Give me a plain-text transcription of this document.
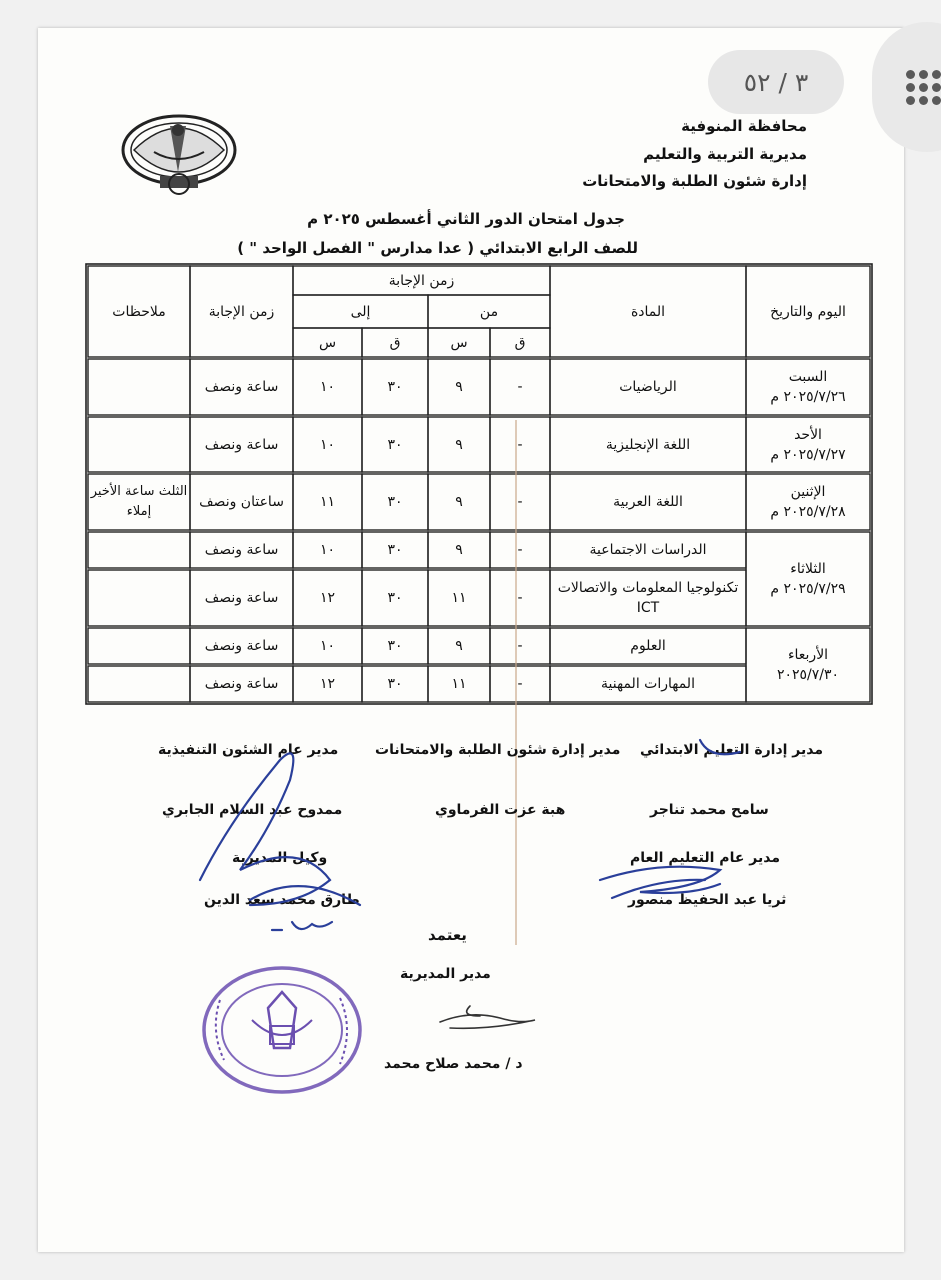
٣ / ٥٢
محافظة المنوفية
مديرية التربية والتعليم
إدارة شئون الطلبة والامتحانات
جدول امتحان الدور الثاني أغسطس ٢٠٢٥ م
للصف الرابع الابتدائي ( عدا مدارس " الفصل الواحد " )
اليوم والتاريخ
المادة
زمن الإجابة
من
إلى
ق
س
ق
س
زمن الإجابة
ملاحظات
السبت
٢٠٢٥/٧/٢٦ م
الأحد
٢٠٢٥/٧/٢٧ م
الإثنين
٢٠٢٥/٧/٢٨ م
الثلاثاء
٢٠٢٥/٧/٢٩ م
الأربعاء
٢٠٢٥/٧/٣٠
الرياضيات
-
٩
٣٠
١٠
ساعة ونصف
اللغة الإنجليزية
-
٩
٣٠
١٠
ساعة ونصف
اللغة العربية
-
٩
٣٠
١١
ساعتان ونصف
الثلث ساعة الأخير إملاء
الدراسات الاجتماعية
-
٩
٣٠
١٠
ساعة ونصف
تكنولوجيا المعلومات والاتصالات ICT
-
١١
٣٠
١٢
ساعة ونصف
العلوم
-
٩
٣٠
١٠
ساعة ونصف
المهارات المهنية
-
١١
٣٠
١٢
ساعة ونصف
مدير إدارة التعليم الابتدائي
سامح محمد تناجر
مدير إدارة شئون الطلبة والامتحانات
هبة عزت الفرماوي
مدير عام الشئون التنفيذية
ممدوح عبد السلام الجابري
مدير عام التعليم العام
ثريا عبد الحفيظ منصور
وكيل المديرية
طارق محمد سعد الدين
يعتمد
مدير المديرية
د / محمد صلاح محمد
